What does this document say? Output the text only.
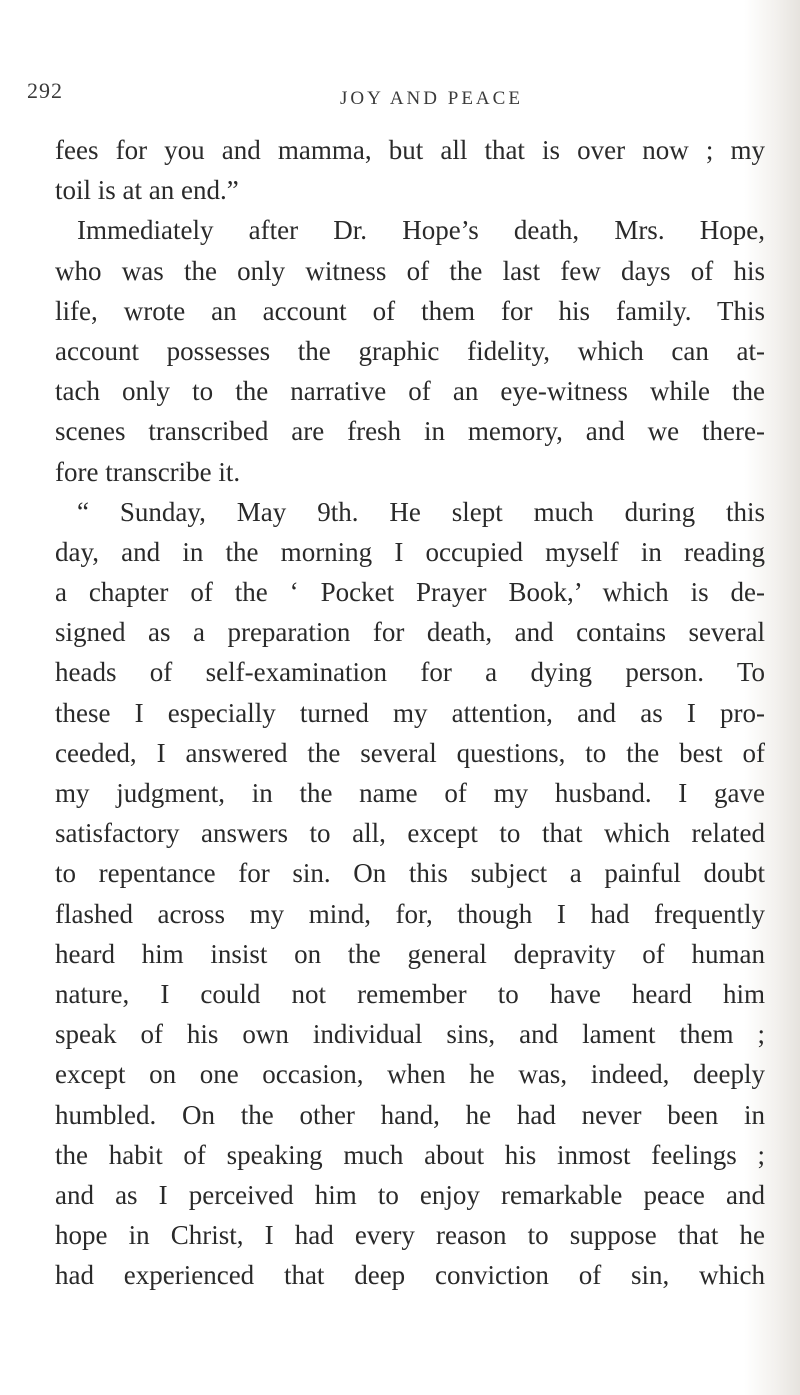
292	JOY AND PEACE
fees for you and mamma, but all that is over now ; my
toil is at an end.”
Immediately after Dr. Hope’s death, Mrs. Hope,
who was the only witness of the last few days of his
life, wrote an account of them for his family. This
account possesses the graphic fidelity, which can at-
tach only to the narrative of an eye-witness while the
scenes transcribed are fresh in memory, and we there-
fore transcribe it.
“ Sunday, May 9th. He slept much during this
day, and in the morning I occupied myself in reading
a chapter of the ‘ Pocket Prayer Book,’ which is de-
signed as a preparation for death, and contains several
heads of self-examination for a dying person. To
these I especially turned my attention, and as I pro-
ceeded, I answered the several questions, to the best of
my judgment, in the name of my husband. I gave
satisfactory answers to all, except to that which related
to repentance for sin. On this subject a painful doubt
flashed across my mind, for, though I had frequently
heard him insist on the general depravity of human
nature, I could not remember to have heard him
speak of his own individual sins, and lament them ;
except on one occasion, when he was, indeed, deeply
humbled. On the other hand, he had never been in
the habit of speaking much about his inmost feelings ;
and as I perceived him to enjoy remarkable peace and
hope in Christ, I had every reason to suppose that he
had experienced that deep conviction of sin, which
